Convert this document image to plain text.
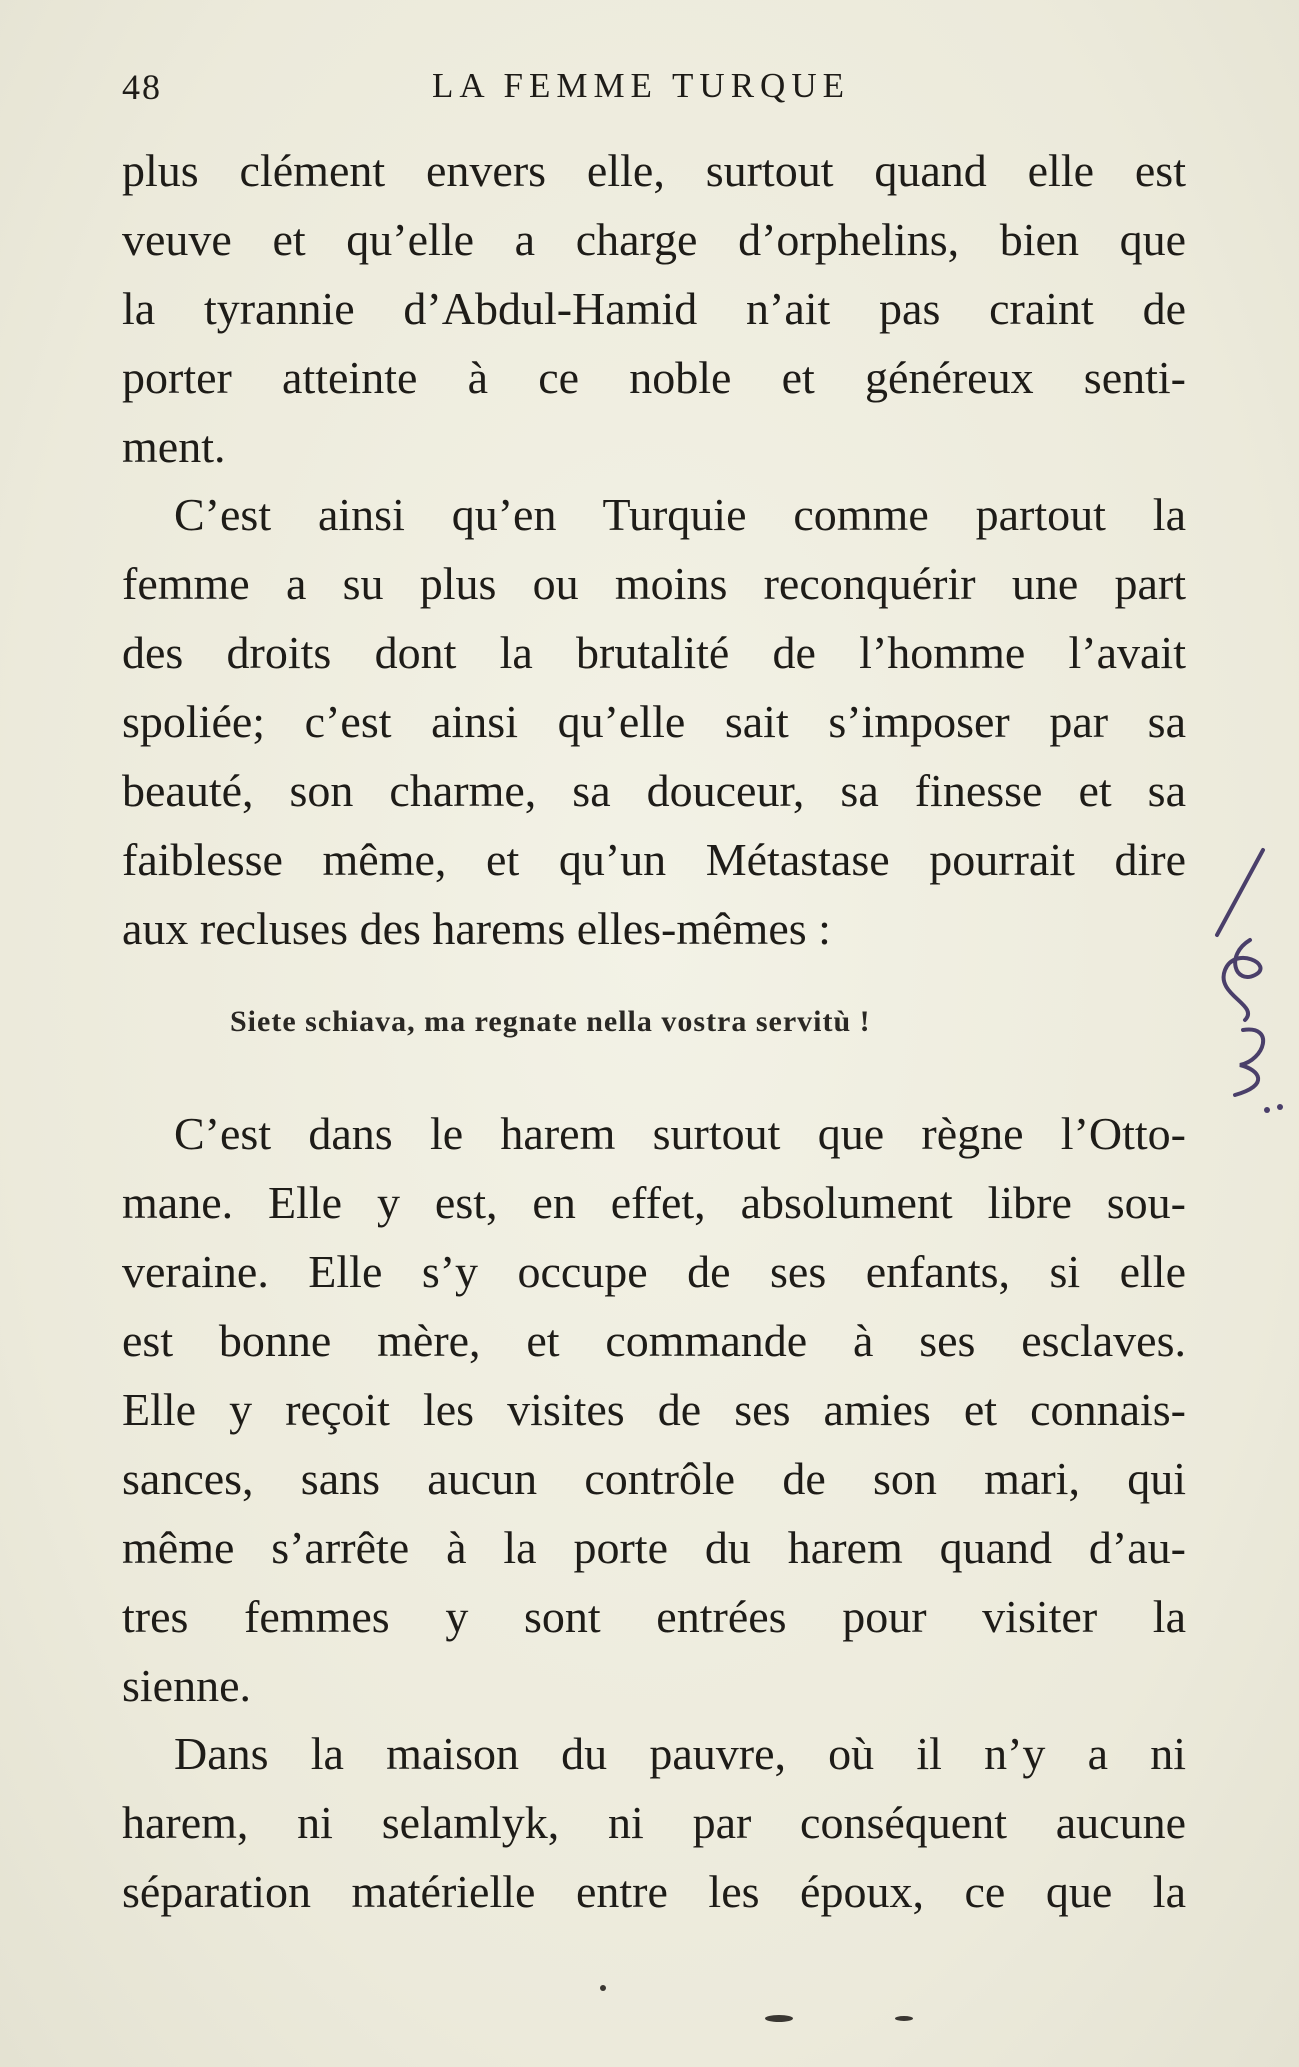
48	LA FEMME TURQUE
plus clément envers elle, surtout quand elle est
veuve et qu’elle a charge d’orphelins, bien que
la tyrannie d’Abdul-Hamid n’ait pas craint de
porter atteinte à ce noble et généreux senti-
ment.
C’est ainsi qu’en Turquie comme partout la
femme a su plus ou moins reconquérir une part
des droits dont la brutalité de l’homme l’avait
spoliée; c’est ainsi qu’elle sait s’imposer par sa
beauté, son charme, sa douceur, sa finesse et sa
faiblesse même, et qu’un Métastase pourrait dire
aux recluses des harems elles-mêmes :
Siete schiava, ma regnate nella vostra servitù !
C’est dans le harem surtout que règne l’Otto-
mane. Elle y est, en effet, absolument libre sou-
veraine. Elle s’y occupe de ses enfants, si elle
est bonne mère, et commande à ses esclaves.
Elle y reçoit les visites de ses amies et connais-
sances, sans aucun contrôle de son mari, qui
même s’arrête à la porte du harem quand d’au-
tres femmes y sont entrées pour visiter la
sienne.
Dans la maison du pauvre, où il n’y a ni
harem, ni selamlyk, ni par conséquent aucune
séparation matérielle entre les époux, ce que la
